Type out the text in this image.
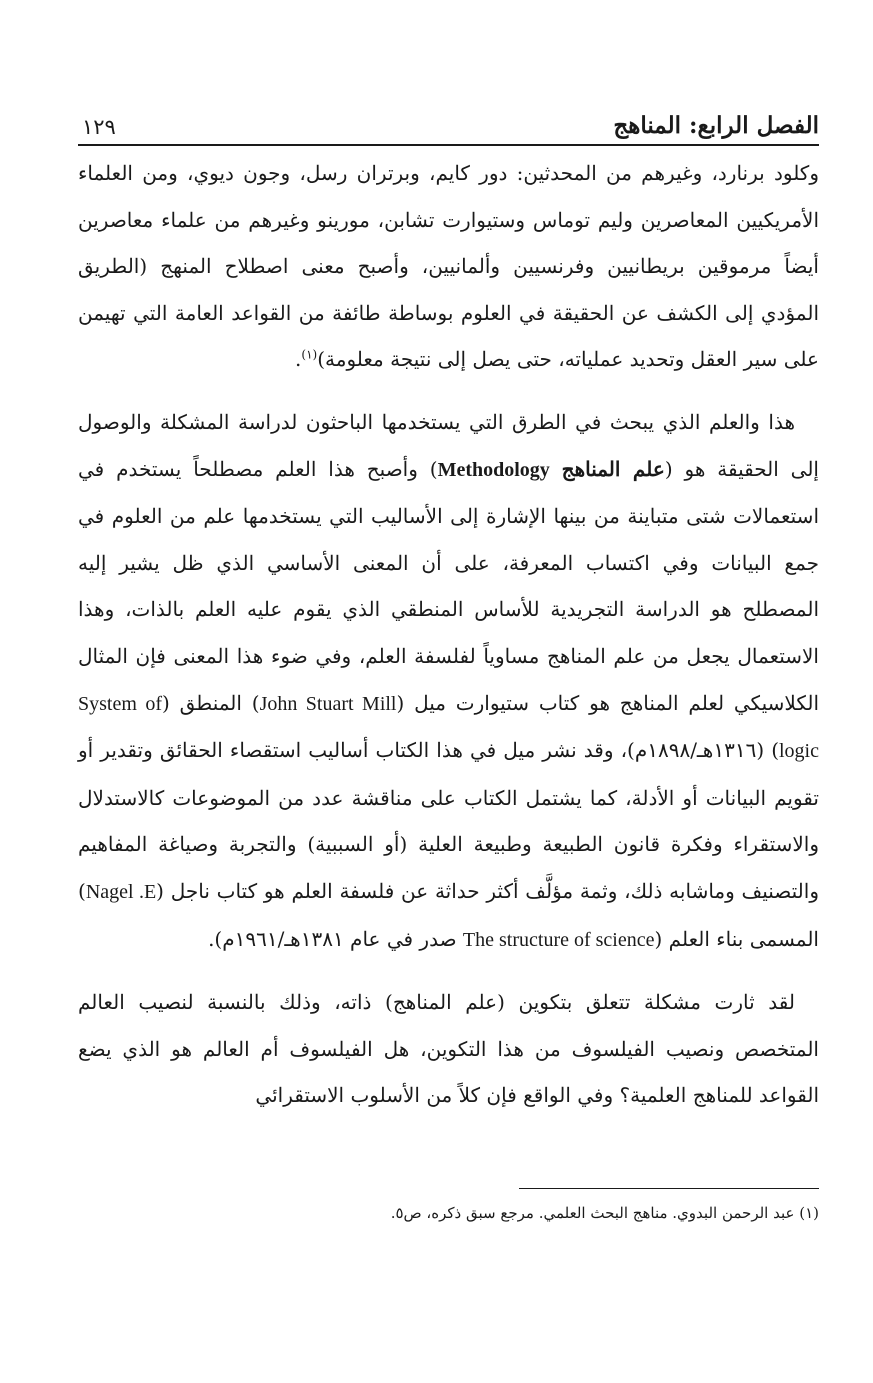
الفصل الرابع: المناهج
١٢٩

وكلود برنارد، وغيرهم من المحدثين: دور كايم، وبرتران رسل، وجون ديوي، ومن العلماء الأمريكيين المعاصرين وليم توماس وستيوارت تشابن، مورينو وغيرهم من علماء معاصرين أيضاً مرموقين بريطانيين وفرنسيين وألمانيين، وأصبح معنى اصطلاح المنهج (الطريق المؤدي إلى الكشف عن الحقيقة في العلوم بوساطة طائفة من القواعد العامة التي تهيمن على سير العقل وتحديد عملياته، حتى يصل إلى نتيجة معلومة)$^{(١)}$.

هذا والعلم الذي يبحث في الطرق التي يستخدمها الباحثون لدراسة المشكلة والوصول إلى الحقيقة هو (علم المناهج Methodology) وأصبح هذا العلم مصطلحاً يستخدم في استعمالات شتى متباينة من بينها الإشارة إلى الأساليب التي يستخدمها علم من العلوم في جمع البيانات وفي اكتساب المعرفة، على أن المعنى الأساسي الذي ظل يشير إليه المصطلح هو الدراسة التجريدية للأساس المنطقي الذي يقوم عليه العلم بالذات، وهذا الاستعمال يجعل من علم المناهج مساوياً لفلسفة العلم، وفي ضوء هذا المعنى فإن المثال الكلاسيكي لعلم المناهج هو كتاب ستيوارت ميل (John Stuart Mill) المنطق (System of logic) (١٣١٦هـ/١٨٩٨م)، وقد نشر ميل في هذا الكتاب أساليب استقصاء الحقائق وتقدير أو تقويم البيانات أو الأدلة، كما يشتمل الكتاب على مناقشة عدد من الموضوعات كالاستدلال والاستقراء وفكرة قانون الطبيعة وطبيعة العلية (أو السببية) والتجربة وصياغة المفاهيم والتصنيف وماشابه ذلك، وثمة مؤلَّف أكثر حداثة عن فلسفة العلم هو كتاب ناجل (Nagel .E) المسمى بناء العلم (The structure of science صدر في عام ١٣٨١هـ/١٩٦١م).

لقد ثارت مشكلة تتعلق بتكوين (علم المناهج) ذاته، وذلك بالنسبة لنصيب العالم المتخصص ونصيب الفيلسوف من هذا التكوين، هل الفيلسوف أم العالم هو الذي يضع القواعد للمناهج العلمية؟ وفي الواقع فإن كلاً من الأسلوب الاستقرائي

(١) عبد الرحمن البدوي. مناهج البحث العلمي. مرجع سبق ذكره، ص٥.
